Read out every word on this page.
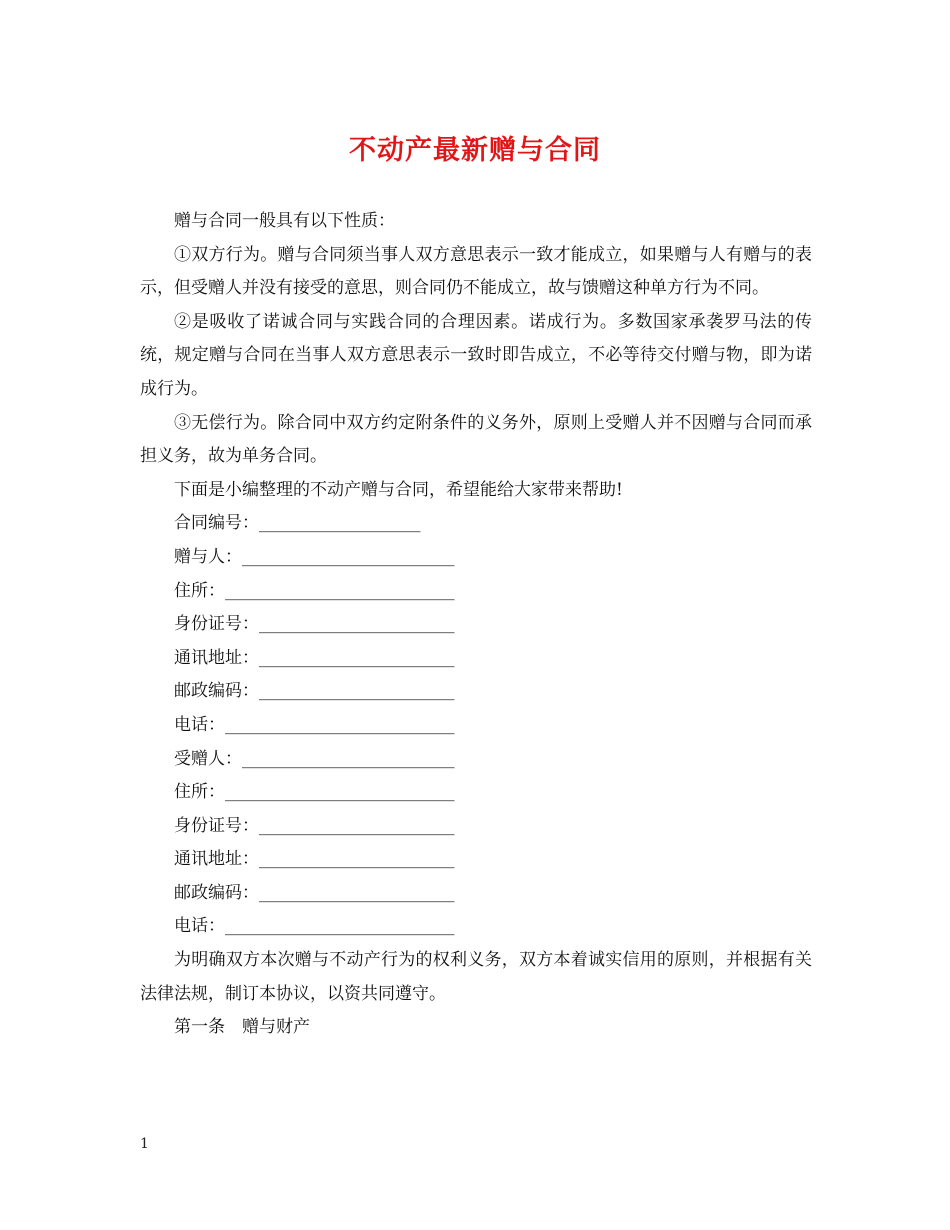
不动产最新赠与合同

赠与合同一般具有以下性质：

①双方行为。赠与合同须当事人双方意思表示一致才能成立，如果赠与人有赠与的表示，但受赠人并没有接受的意思，则合同仍不能成立，故与馈赠这种单方行为不同。

②是吸收了诺诚合同与实践合同的合理因素。诺成行为。多数国家承袭罗马法的传统，规定赠与合同在当事人双方意思表示一致时即告成立，不必等待交付赠与物，即为诺成行为。

③无偿行为。除合同中双方约定附条件的义务外，原则上受赠人并不因赠与合同而承担义务，故为单务合同。

下面是小编整理的不动产赠与合同，希望能给大家带来帮助!

合同编号：___________________

赠与人：_________________________

住所：___________________________

身份证号：_______________________

通讯地址：_______________________

邮政编码：_______________________

电话：___________________________

受赠人：_________________________

住所：___________________________

身份证号：_______________________

通讯地址：_______________________

邮政编码：_______________________

电话：___________________________

为明确双方本次赠与不动产行为的权利义务，双方本着诚实信用的原则，并根据有关法律法规，制订本协议，以资共同遵守。

第一条　赠与财产

1
